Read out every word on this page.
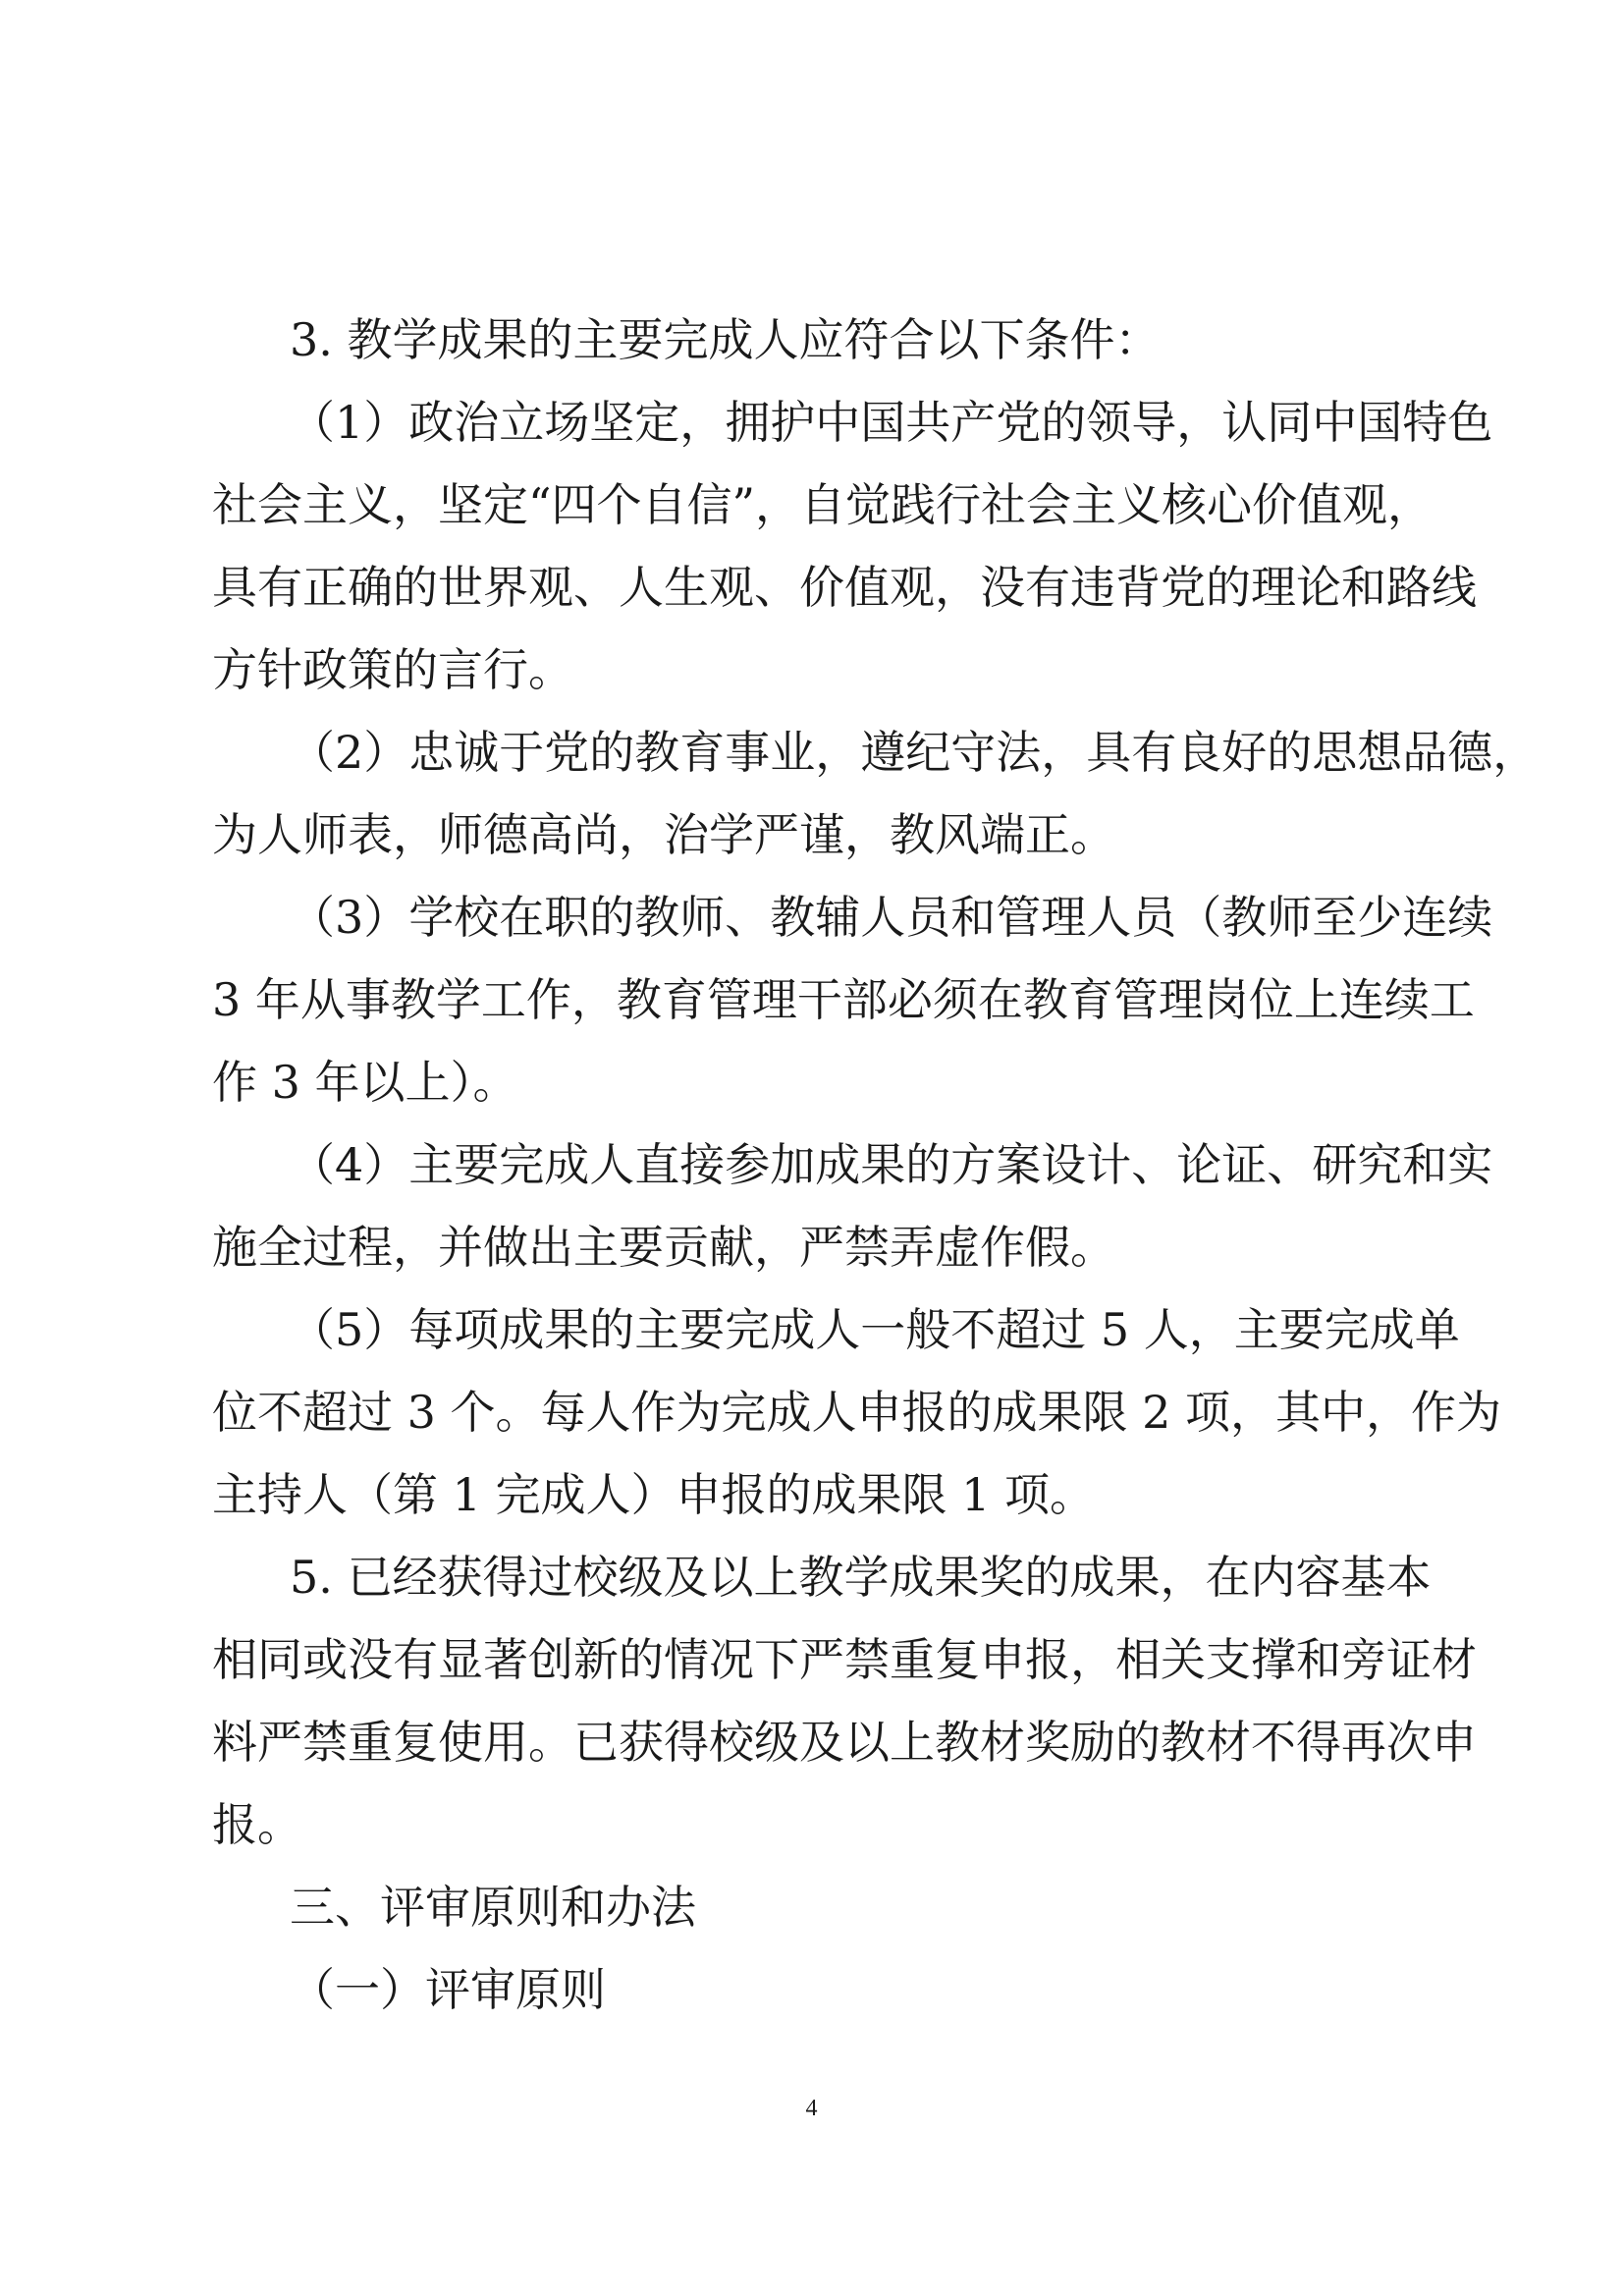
3. 教学成果的主要完成人应符合以下条件：
（1）政治立场坚定，拥护中国共产党的领导，认同中国特色
社会主义，坚定“四个自信”，自觉践行社会主义核心价值观，
具有正确的世界观、人生观、价值观，没有违背党的理论和路线
方针政策的言行。
（2）忠诚于党的教育事业，遵纪守法，具有良好的思想品德，
为人师表，师德高尚，治学严谨，教风端正。
（3）学校在职的教师、教辅人员和管理人员（教师至少连续
3 年从事教学工作，教育管理干部必须在教育管理岗位上连续工
作 3 年以上）。
（4）主要完成人直接参加成果的方案设计、论证、研究和实
施全过程，并做出主要贡献，严禁弄虚作假。
（5）每项成果的主要完成人一般不超过 5 人，主要完成单
位不超过 3 个。每人作为完成人申报的成果限 2 项，其中，作为
主持人（第 1 完成人）申报的成果限 1 项。
5. 已经获得过校级及以上教学成果奖的成果，在内容基本
相同或没有显著创新的情况下严禁重复申报，相关支撑和旁证材
料严禁重复使用。已获得校级及以上教材奖励的教材不得再次申
报。
三、评审原则和办法
（一）评审原则
4
